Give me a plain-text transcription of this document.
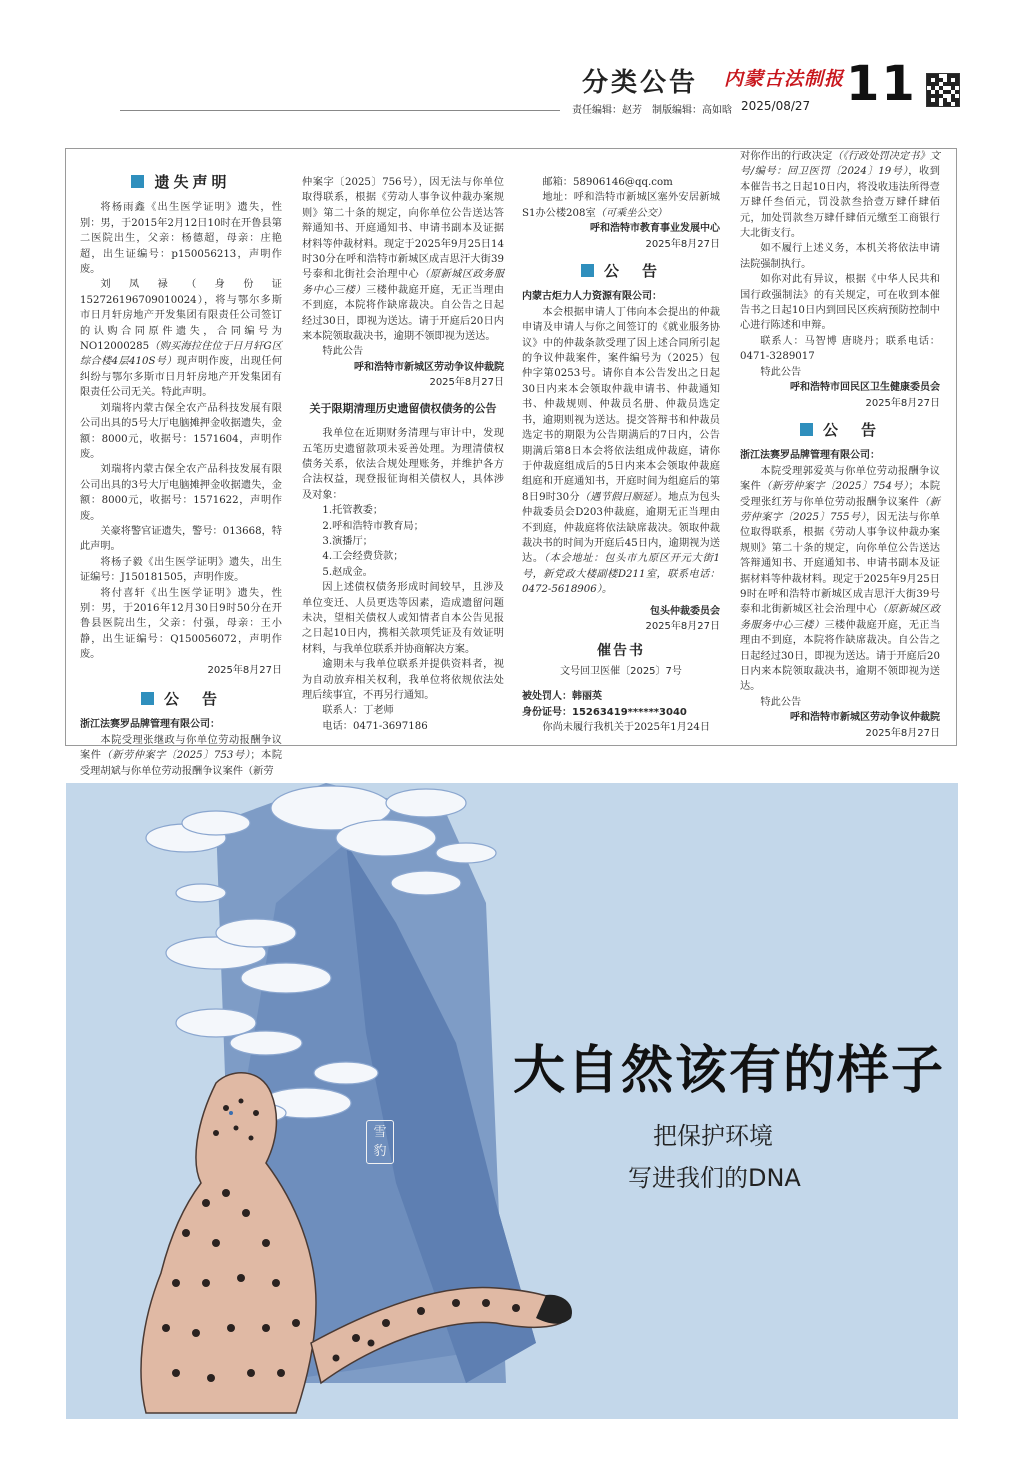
分类公告 内蒙古法制报 11
责任编辑：赵芳　制版编辑：高如晗 2025/08/27
遗失声明

将杨雨鑫《出生医学证明》遗失，性别：男，于2015年2月12日10时在开鲁县第二医院出生，父亲：杨德超，母亲：庄艳超，出生证编号：p150056213，声明作废。

刘凤禄（身份证152726196709010024），将与鄂尔多斯市日月轩房地产开发集团有限责任公司签订的认购合同原件遗失，合同编号为NO12000285（购买海拉住位于日月轩G区综合楼4层410S号）现声明作废，出现任何纠纷与鄂尔多斯市日月轩房地产开发集团有限责任公司无关。特此声明。

刘瑞将内蒙古保全农产品科技发展有限公司出具的5号大厅电脑摊押金收据遗失，金额：8000元，收据号：1571604，声明作废。

刘瑞将内蒙古保全农产品科技发展有限公司出具的3号大厅电脑摊押金收据遗失，金额：8000元，收据号：1571622，声明作废。

关豪将警官证遗失，警号：013668，特此声明。

将杨子毅《出生医学证明》遗失，出生证编号：J150181505，声明作废。

将付喜轩《出生医学证明》遗失，性别：男，于2016年12月30日9时50分在开鲁县医院出生，父亲：付强，母亲：王小静，出生证编号：Q150056072，声明作废。

2025年8月27日

公　告

浙江法赛罗品牌管理有限公司：

本院受理张继政与你单位劳动报酬争议案件（新劳仲案字〔2025〕753号）；本院受理胡斌与你单位劳动报酬争议案件（新劳

仲案字〔2025〕756号），因无法与你单位取得联系，根据《劳动人事争议仲裁办案规则》第二十条的规定，向你单位公告送达答辩通知书、开庭通知书、申请书副本及证据材料等仲裁材料。现定于2025年9月25日14时30分在呼和浩特市新城区成吉思汗大街39号泰和北街社会治理中心（原新城区政务服务中心三楼）三楼仲裁庭开庭，无正当理由不到庭，本院将作缺席裁决。自公告之日起经过30日，即视为送达。请于开庭后20日内来本院领取裁决书，逾期不领即视为送达。

特此公告

呼和浩特市新城区劳动争议仲裁院

2025年8月27日

关于限期清理历史遗留债权债务的公告

我单位在近期财务清理与审计中，发现五笔历史遗留款项未妥善处理。为理清债权债务关系，依法合规处理账务，并维护各方合法权益，现登报征询相关债权人，具体涉及对象：

1.托管教委；

2.呼和浩特市教育局；

3.演播厅；

4.工会经费贷款；

5.赵成金。

因上述债权债务形成时间较早，且涉及单位变迁、人员更迭等因素，造成遗留问题未决，望相关债权人或知情者自本公告见报之日起10日内，携相关款项凭证及有效证明材料，与我单位联系并协商解决方案。

逾期未与我单位联系并提供资料者，视为自动放弃相关权利，我单位将依规依法处理后续事宜，不再另行通知。

联系人：丁老师

电话：0471-3697186

邮箱：58906146@qq.com

地址：呼和浩特市新城区塞外安居新城S1办公楼208室（可乘坐公交）

呼和浩特市教育事业发展中心

2025年8月27日

公　告

内蒙古炬力人力资源有限公司：

本会根据申请人丁伟向本会提出的仲裁申请及申请人与你之间签订的《就业服务协议》中的仲裁条款受理了因上述合同所引起的争议仲裁案件，案件编号为（2025）包仲字第0253号。请你自本公告发出之日起30日内来本会领取仲裁申请书、仲裁通知书、仲裁规则、仲裁员名册、仲裁员选定书，逾期则视为送达。提交答辩书和仲裁员选定书的期限为公告期满后的7日内，公告期满后第8日本会将依法组成仲裁庭，请你于仲裁庭组成后的5日内来本会领取仲裁庭组庭和开庭通知书，开庭时间为组庭后的第8日9时30分（遇节假日顺延）。地点为包头仲裁委员会D203仲裁庭，逾期无正当理由不到庭，仲裁庭将依法缺席裁决。领取仲裁裁决书的时间为开庭后45日内，逾期视为送达。（本会地址：包头市九原区开元大街1号，新党政大楼副楼D211室，联系电话：0472-5618906）。

包头仲裁委员会

2025年8月27日

催告书
文号回卫医催〔2025〕7号

被处罚人：韩丽英

身份证号：15263419******3040

你尚未履行我机关于2025年1月24日

对你作出的行政决定（《行政处罚决定书》文号/编号：回卫医罚〔2024〕19号），收到本催告书之日起10日内，将没收违法所得壹万肆仟叁佰元，罚没款叁拾壹万肆仟肆佰元，加处罚款叁万肆仟肆佰元缴至工商银行大北街支行。

如不履行上述义务，本机关将依法申请法院强制执行。

如你对此有异议，根据《中华人民共和国行政强制法》的有关规定，可在收到本催告书之日起10日内到回民区疾病预防控制中心进行陈述和申辩。

联系人：马智博 唐晓丹；联系电话：0471-3289017

特此公告

呼和浩特市回民区卫生健康委员会

2025年8月27日

公　告

浙江法赛罗品牌管理有限公司：

本院受理郭爱英与你单位劳动报酬争议案件（新劳仲案字〔2025〕754号）；本院受理张红芳与你单位劳动报酬争议案件（新劳仲案字〔2025〕755号），因无法与你单位取得联系，根据《劳动人事争议仲裁办案规则》第二十条的规定，向你单位公告送达答辩通知书、开庭通知书、申请书副本及证据材料等仲裁材料。现定于2025年9月25日9时在呼和浩特市新城区成吉思汗大街39号泰和北街新城区社会治理中心（原新城区政务服务中心三楼）三楼仲裁庭开庭，无正当理由不到庭，本院将作缺席裁决。自公告之日起经过30日，即视为送达。请于开庭后20日内来本院领取裁决书，逾期不领即视为送达。

特此公告

呼和浩特市新城区劳动争议仲裁院

2025年8月27日

大自然该有的样子
把保护环境
写进我们的DNA
雪
豹
